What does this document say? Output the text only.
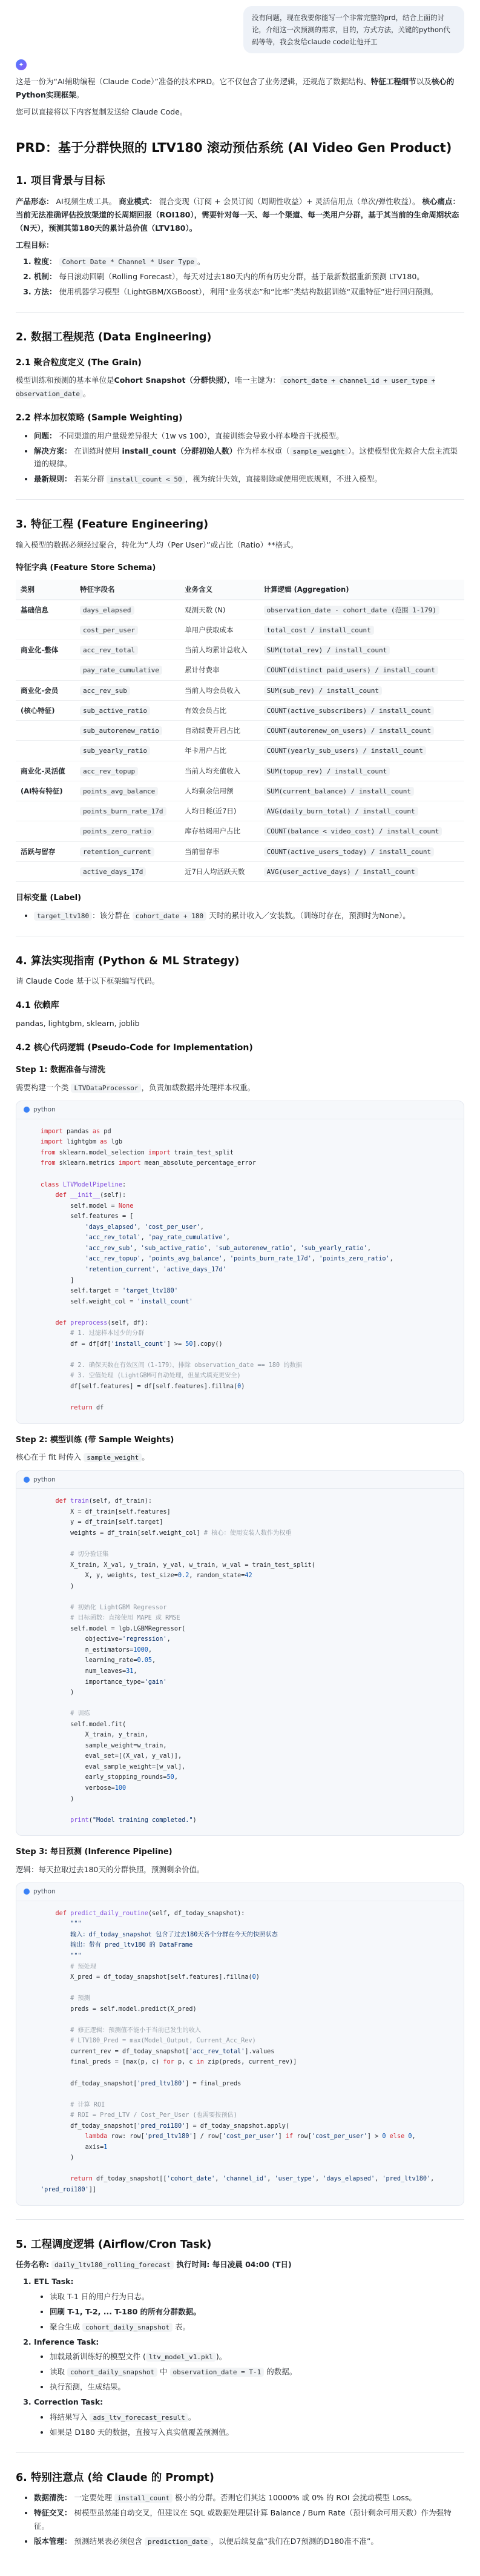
没有问题，现在我要你能写一个非常完整的prd，结合上面的讨论，介绍这一次预测的需求，目的，方式方法，关键的python代码等等，我会发给claude code让他开工
✦

这是一份为“AI辅助编程（Claude Code）”准备的技术PRD。它不仅包含了业务逻辑，还规范了数据结构、特征工程细节以及核心的Python实现框架。

您可以直接将以下内容复制发送给 Claude Code。

PRD：基于分群快照的 LTV180 滚动预估系统 (AI Video Gen Product)
1. 项目背景与目标

产品形态： AI视频生成工具。 商业模式： 混合变现（订阅 + 会员订阅（周期性收益）+ 灵活信用点（单次/弹性收益）。 核心痛点： 当前无法准确评估投放渠道的长周期回报（ROI180），需要针对每一天、每一个渠道、每一类用户分群，基于其当前的生命周期状态（N天），预测其第180天的累计总价值（LTV180）。

工程目标：

1. 粒度： Cohort Date * Channel * User Type 。
2. 机制： 每日滚动回刷（Rolling Forecast），每天对过去180天内的所有历史分群，基于最新数据重新预测 LTV180。
3. 方法： 使用机器学习模型（LightGBM/XGBoost），利用“业务状态”和“比率”类结构数据训练“双重特征”进行回归预测。
2. 数据工程规范 (Data Engineering)
2.1 聚合粒度定义 (The Grain)

模型训练和预测的基本单位是Cohort Snapshot（分群快照），唯一主键为： cohort_date + channel_id + user_type + observation_date 。

2.2 样本加权策略 (Sample Weighting)
• 问题： 不同渠道的用户量级差异很大（1w vs 100），直接训练会导致小样本噪音干扰模型。
• 解决方案： 在训练时使用 install_count（分群初始人数）作为样本权重（ sample_weight ）。这使模型优先拟合大盘主流渠道的规律。
• 最新规则： 若某分群 install_count < 50 ，视为统计失效，直接剔除或使用兜底规则，不进入模型。
3. 特征工程 (Feature Engineering)

输入模型的数据必须经过聚合，转化为“人均（Per User）”或占比（Ratio）**格式。

特征字典 (Feature Store Schema)
类别	特征字段名	业务含义	计算逻辑 (Aggregation)
基础信息	days_elapsed	观测天数 (N)	observation_date - cohort_date (范围 1-179)
	cost_per_user	单用户获取成本	total_cost / install_count
商业化-整体	acc_rev_total	当前人均累计总收入	SUM(total_rev) / install_count
	pay_rate_cumulative	累计付费率	COUNT(distinct paid_users) / install_count
商业化-会员	acc_rev_sub	当前人均会员收入	SUM(sub_rev) / install_count
(核心特征)	sub_active_ratio	有效会员占比	COUNT(active_subscribers) / install_count
	sub_autorenew_ratio	自动续费开启占比	COUNT(autorenew_on_users) / install_count
	sub_yearly_ratio	年卡用户占比	COUNT(yearly_sub_users) / install_count
商业化-灵活值	acc_rev_topup	当前人均充值收入	SUM(topup_rev) / install_count
(AI特有特征)	points_avg_balance	人均剩余信用额	SUM(current_balance) / install_count
	points_burn_rate_17d	人均日耗(近7日)	AVG(daily_burn_total) / install_count
	points_zero_ratio	库存枯竭用户占比	COUNT(balance < video_cost) / install_count
活跃与留存	retention_current	当前留存率	COUNT(active_users_today) / install_count
	active_days_17d	近7日人均活跃天数	AVG(user_active_days) / install_count
目标变量 (Label)
• target_ltv180 ：该分群在 cohort_date + 180 天时的累计收入／安装数。（训练时存在，预测时为None）。
4. 算法实现指南 (Python & ML Strategy)

请 Claude Code 基于以下框架编写代码。

4.1 依赖库

pandas, lightgbm, sklearn, joblib

4.2 核心代码逻辑 (Pseudo-Code for Implementation)
Step 1: 数据准备与清洗

需要构建一个类 LTVDataProcessor ，负责加载数据并处理样本权重。

python
import pandas as pd
import lightgbm as lgb
from sklearn.model_selection import train_test_split
from sklearn.metrics import mean_absolute_percentage_error

class LTVModelPipeline:
def __init__(self):
self.model = None
self.features = [
'days_elapsed', 'cost_per_user',
'acc_rev_total', 'pay_rate_cumulative',
'acc_rev_sub', 'sub_active_ratio', 'sub_autorenew_ratio', 'sub_yearly_ratio',
'acc_rev_topup', 'points_avg_balance', 'points_burn_rate_17d', 'points_zero_ratio',
'retention_current', 'active_days_17d'
]
self.target = 'target_ltv180'
self.weight_col = 'install_count'

def preprocess(self, df):
# 1. 过滤样本过少的分群
df = df[df['install_count'] >= 50].copy()

# 2. 确保天数在有效区间（1-179），排除 observation_date == 180 的数据
# 3. 空值处理 (LightGBM可自动处理，但显式填充更安全)
df[self.features] = df[self.features].fillna(0)

return df
Step 2: 模型训练 (带 Sample Weights)

核心在于 fit 时传入 sample_weight 。

python
def train(self, df_train):
X = df_train[self.features]
y = df_train[self.target]
weights = df_train[self.weight_col] # 核心：使用安装人数作为权重

# 切分验证集
X_train, X_val, y_train, y_val, w_train, w_val = train_test_split(
X, y, weights, test_size=0.2, random_state=42
)

# 初始化 LightGBM Regressor
# 目标函数：直接使用 MAPE 或 RMSE
self.model = lgb.LGBMRegressor(
objective='regression',
n_estimators=1000,
learning_rate=0.05,
num_leaves=31,
importance_type='gain'
)

# 训练
self.model.fit(
X_train, y_train,
sample_weight=w_train,
eval_set=[(X_val, y_val)],
eval_sample_weight=[w_val],
early_stopping_rounds=50,
verbose=100
)

print("Model training completed.")
Step 3: 每日预测 (Inference Pipeline)

逻辑：每天拉取过去180天的分群快照，预测剩余价值。

python
def predict_daily_routine(self, df_today_snapshot):
"""
输入：df_today_snapshot 包含了过去180天各个分群在今天的快照状态
输出：带有 pred_ltv180 的 DataFrame
"""
# 预处理
X_pred = df_today_snapshot[self.features].fillna(0)

# 预测
preds = self.model.predict(X_pred)

# 修正逻辑：预测值不能小于当前已发生的收入
# LTV180_Pred = max(Model_Output, Current_Acc_Rev)
current_rev = df_today_snapshot['acc_rev_total'].values
final_preds = [max(p, c) for p, c in zip(preds, current_rev)]

df_today_snapshot['pred_ltv180'] = final_preds

# 计算 ROI
# ROI = Pred_LTV / Cost_Per_User (也需要按预估)
df_today_snapshot['pred_roi180'] = df_today_snapshot.apply(
lambda row: row['pred_ltv180'] / row['cost_per_user'] if row['cost_per_user'] > 0 else 0,
axis=1
)

return df_today_snapshot[['cohort_date', 'channel_id', 'user_type', 'days_elapsed', 'pred_ltv180', 'pred_roi180']]
5. 工程调度逻辑 (Airflow/Cron Task)

任务名称: daily_ltv180_rolling_forecast 执行时间: 每日凌晨 04:00 (T日)

1. ETL Task:
• 读取 T-1 日的用户行为日志。
• 回刷 T-1, T-2, ... T-180 的所有分群数据。
• 聚合生成 cohort_daily_snapshot 表。
2. Inference Task:
• 加载最新训练好的模型文件 ( ltv_model_v1.pkl )。
• 读取 cohort_daily_snapshot 中 observation_date = T-1 的数据。
• 执行预测，生成结果。
3. Correction Task:
• 将结果写入 ads_ltv_forecast_result 。
• 如果是 D180 天的数据，直接写入真实值覆盖预测值。
6. 特别注意点 (给 Claude 的 Prompt)
• 数据清洗： 一定要处理 install_count 极小的分群。否则它们其达 10000% 或 0% 的 ROI 会扰动模型 Loss。
• 特征交叉： 树模型虽然能自动交叉，但建议在 SQL 或数据处理层计算 Balance / Burn Rate（预计剩余可用天数）作为强特征。
• 版本管理： 预测结果表必须包含 prediction_date ，以便后续复盘“我们在D7预测的D180准不准”。
